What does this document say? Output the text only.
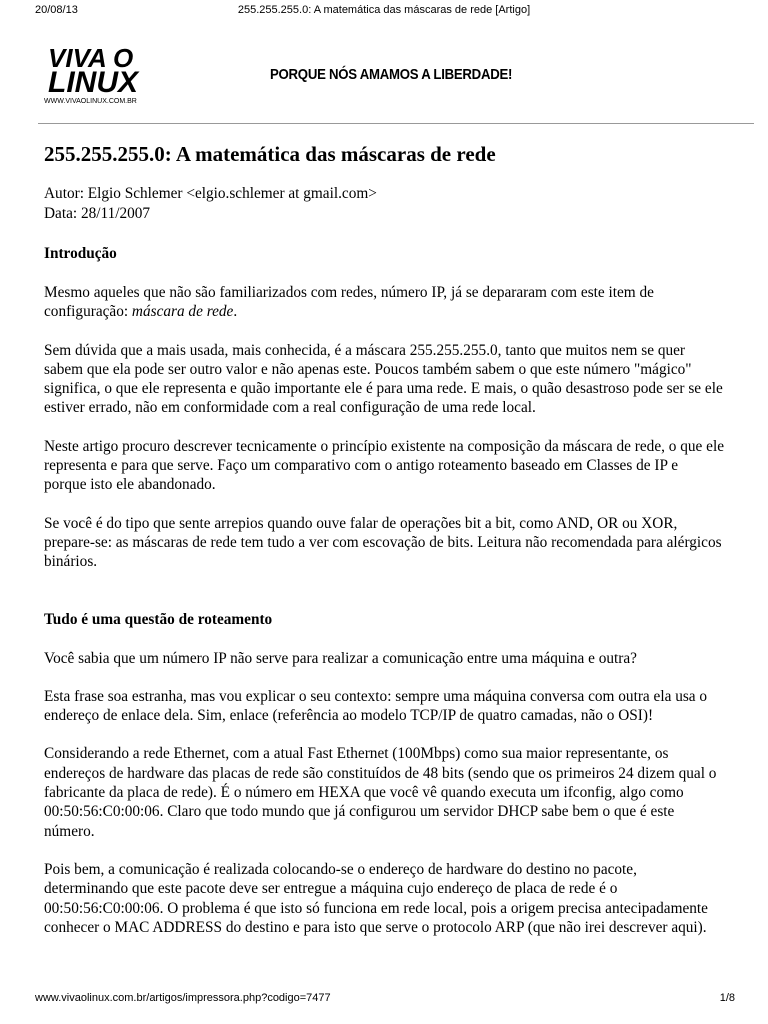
20/08/13	255.255.255.0: A matemática das máscaras de rede [Artigo]
VIVA O
LINUX
WWW.VIVAOLINUX.COM.BR
PORQUE NÓS AMAMOS A LIBERDADE!
255.255.255.0: A matemática das máscaras de rede
Autor: Elgio Schlemer <elgio.schlemer at gmail.com>
Data: 28/11/2007
Introdução

Mesmo aqueles que não são familiarizados com redes, número IP, já se depararam com este item de configuração: máscara de rede.

Sem dúvida que a mais usada, mais conhecida, é a máscara 255.255.255.0, tanto que muitos nem se quer sabem que ela pode ser outro valor e não apenas este. Poucos também sabem o que este número "mágico" significa, o que ele representa e quão importante ele é para uma rede. E mais, o quão desastroso pode ser se ele estiver errado, não em conformidade com a real configuração de uma rede local.

Neste artigo procuro descrever tecnicamente o princípio existente na composição da máscara de rede, o que ele representa e para que serve. Faço um comparativo com o antigo roteamento baseado em Classes de IP e porque isto ele abandonado.

Se você é do tipo que sente arrepios quando ouve falar de operações bit a bit, como AND, OR ou XOR, prepare-se: as máscaras de rede tem tudo a ver com escovação de bits. Leitura não recomendada para alérgicos binários.

Tudo é uma questão de roteamento

Você sabia que um número IP não serve para realizar a comunicação entre uma máquina e outra?

Esta frase soa estranha, mas vou explicar o seu contexto: sempre uma máquina conversa com outra ela usa o endereço de enlace dela. Sim, enlace (referência ao modelo TCP/IP de quatro camadas, não o OSI)!

Considerando a rede Ethernet, com a atual Fast Ethernet (100Mbps) como sua maior representante, os endereços de hardware das placas de rede são constituídos de 48 bits (sendo que os primeiros 24 dizem qual o fabricante da placa de rede). É o número em HEXA que você vê quando executa um ifconfig, algo como 00:50:56:C0:00:06. Claro que todo mundo que já configurou um servidor DHCP sabe bem o que é este número.

Pois bem, a comunicação é realizada colocando-se o endereço de hardware do destino no pacote, determinando que este pacote deve ser entregue a máquina cujo endereço de placa de rede é o 00:50:56:C0:00:06. O problema é que isto só funciona em rede local, pois a origem precisa antecipadamente conhecer o MAC ADDRESS do destino e para isto que serve o protocolo ARP (que não irei descrever aqui).

www.vivaolinux.com.br/artigos/impressora.php?codigo=7477	1/8
